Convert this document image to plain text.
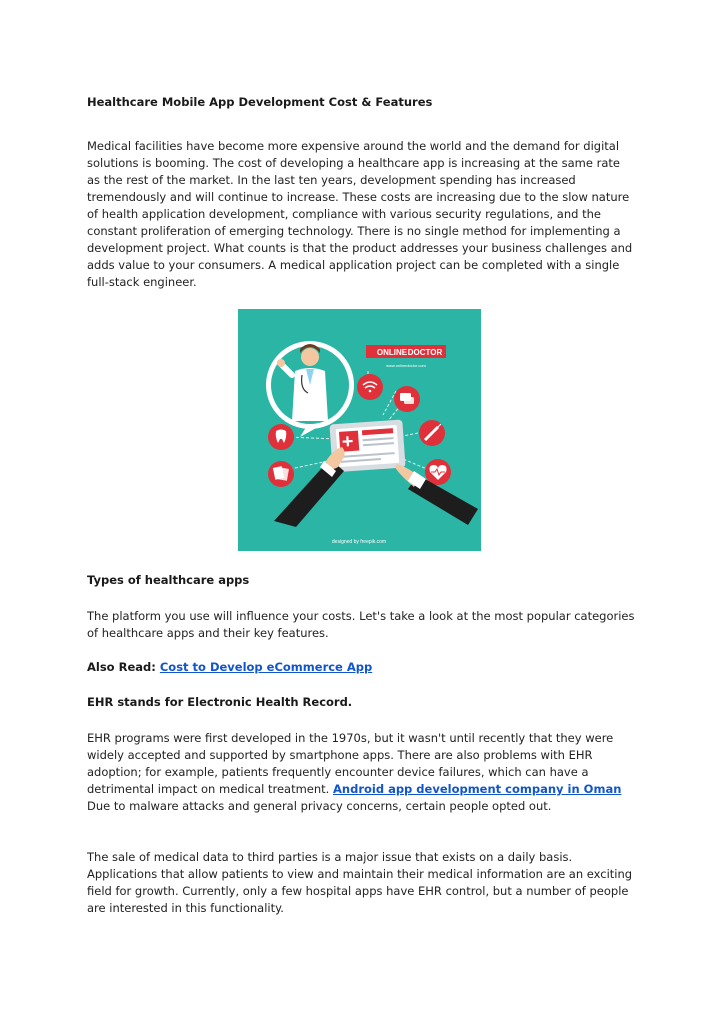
Healthcare Mobile App Development Cost & Features

Medical facilities have become more expensive around the world and the demand for digital solutions is booming. The cost of developing a healthcare app is increasing at the same rate as the rest of the market. In the last ten years, development spending has increased tremendously and will continue to increase. These costs are increasing due to the slow nature of health application development, compliance with various security regulations, and the constant proliferation of emerging technology. There is no single method for implementing a development project. What counts is that the product addresses your business challenges and adds value to your consumers. A medical application project can be completed with a single full-stack engineer.

ONLINE DOCTOR
www.onlinedoctor.com
designed by freepik.com
Types of healthcare apps

The platform you use will influence your costs. Let's take a look at the most popular categories of healthcare apps and their key features.

Also Read: Cost to Develop eCommerce App

EHR stands for Electronic Health Record.

EHR programs were first developed in the 1970s, but it wasn't until recently that they were widely accepted and supported by smartphone apps. There are also problems with EHR adoption; for example, patients frequently encounter device failures, which can have a detrimental impact on medical treatment. Android app development company in Oman Due to malware attacks and general privacy concerns, certain people opted out.

The sale of medical data to third parties is a major issue that exists on a daily basis. Applications that allow patients to view and maintain their medical information are an exciting field for growth. Currently, only a few hospital apps have EHR control, but a number of people are interested in this functionality.
